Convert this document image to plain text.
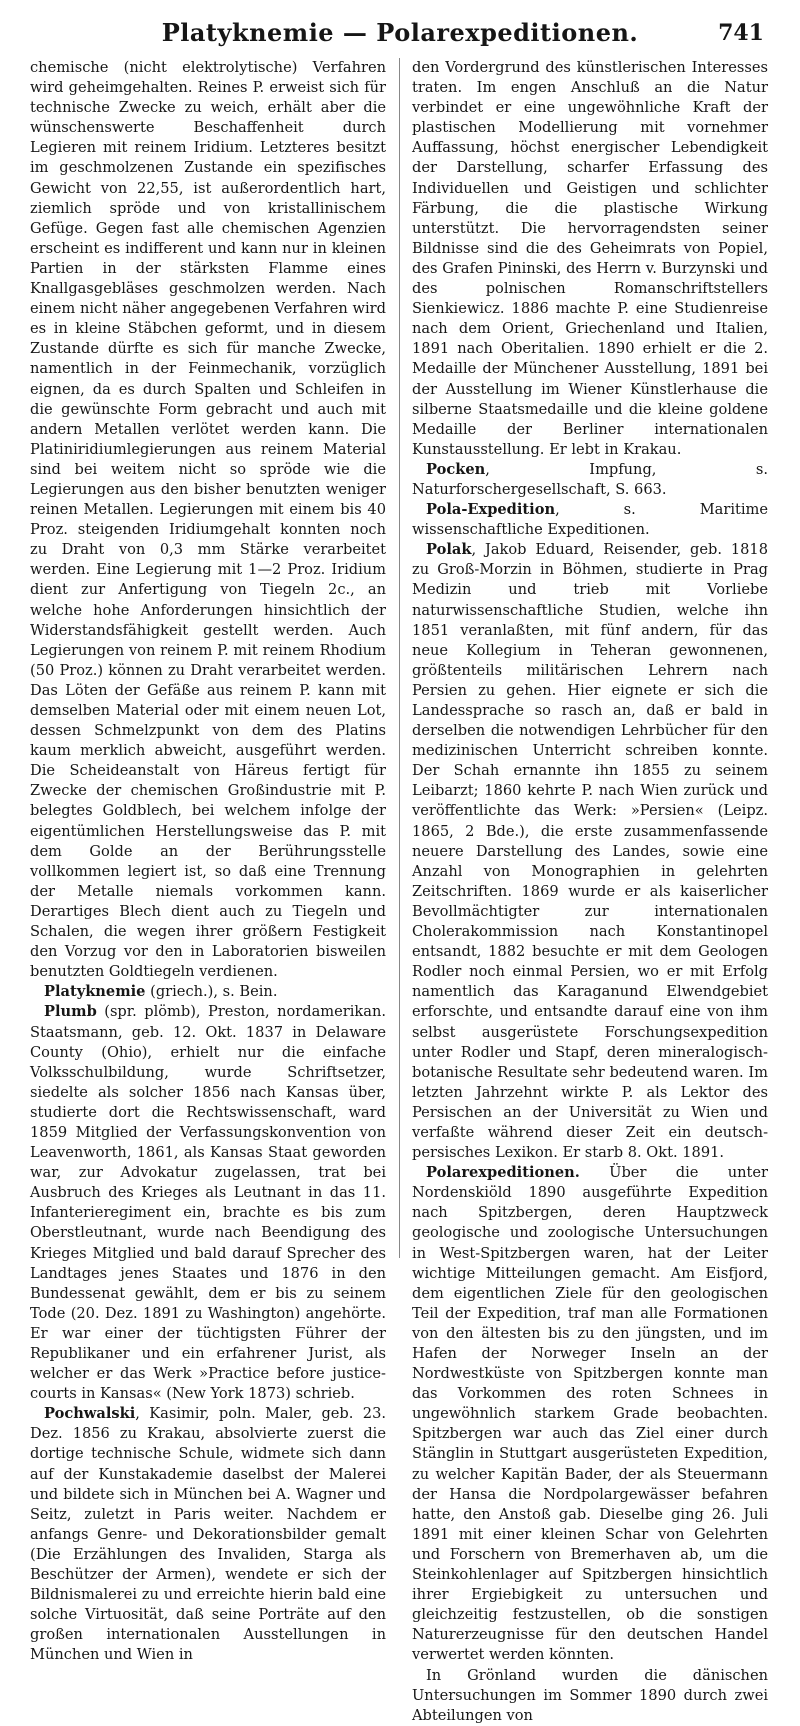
Platyknemie — Polarexpeditionen.	741

chemische (nicht elektrolytische) Verfahren wird geheimgehalten. Reines P. erweist sich für technische Zwecke zu weich, erhält aber die wünschenswerte Beschaffenheit durch Legieren mit reinem Iridium. Letzteres besitzt im geschmolzenen Zustande ein spezifisches Gewicht von 22,55, ist außerordentlich hart, ziemlich spröde und von kristallinischem Gefüge. Gegen fast alle chemischen Agenzien erscheint es indifferent und kann nur in kleinen Partien in der stärksten Flamme eines Knallgasgebläses geschmolzen werden. Nach einem nicht näher angegebenen Verfahren wird es in kleine Stäbchen geformt, und in diesem Zustande dürfte es sich für manche Zwecke, namentlich in der Feinmechanik, vorzüglich eignen, da es durch Spalten und Schleifen in die gewünschte Form gebracht und auch mit andern Metallen verlötet werden kann. Die Platiniridiumlegierungen aus reinem Material sind bei weitem nicht so spröde wie die Legierungen aus den bisher benutzten weniger reinen Metallen. Legierungen mit einem bis 40 Proz. steigenden Iridiumgehalt konnten noch zu Draht von 0,3 mm Stärke verarbeitet werden. Eine Legierung mit 1—2 Proz. Iridium dient zur Anfertigung von Tiegeln 2c., an welche hohe Anforderungen hinsichtlich der Widerstandsfähigkeit gestellt werden. Auch Legierungen von reinem P. mit reinem Rhodium (50 Proz.) können zu Draht verarbeitet werden. Das Löten der Gefäße aus reinem P. kann mit demselben Material oder mit einem neuen Lot, dessen Schmelzpunkt von dem des Platins kaum merklich abweicht, ausgeführt werden. Die Scheideanstalt von Häreus fertigt für Zwecke der chemischen Großindustrie mit P. belegtes Goldblech, bei welchem infolge der eigentümlichen Herstellungsweise das P. mit dem Golde an der Berührungsstelle vollkommen legiert ist, so daß eine Trennung der Metalle niemals vorkommen kann. Derartiges Blech dient auch zu Tiegeln und Schalen, die wegen ihrer größern Festigkeit den Vorzug vor den in Laboratorien bisweilen benutzten Goldtiegeln verdienen.

Platyknemie (griech.), s. Bein.

Plumb (spr. plömb), Preston, nordamerikan. Staatsmann, geb. 12. Okt. 1837 in Delaware County (Ohio), erhielt nur die einfache Volksschulbildung, wurde Schriftsetzer, siedelte als solcher 1856 nach Kansas über, studierte dort die Rechtswissenschaft, ward 1859 Mitglied der Verfassungskonvention von Leavenworth, 1861, als Kansas Staat geworden war, zur Advokatur zugelassen, trat bei Ausbruch des Krieges als Leutnant in das 11. Infanterieregiment ein, brachte es bis zum Oberstleutnant, wurde nach Beendigung des Krieges Mitglied und bald darauf Sprecher des Landtages jenes Staates und 1876 in den Bundessenat gewählt, dem er bis zu seinem Tode (20. Dez. 1891 zu Washington) angehörte. Er war einer der tüchtigsten Führer der Republikaner und ein erfahrener Jurist, als welcher er das Werk »Practice before justice-courts in Kansas« (New York 1873) schrieb.

Pochwalski, Kasimir, poln. Maler, geb. 23. Dez. 1856 zu Krakau, absolvierte zuerst die dortige technische Schule, widmete sich dann auf der Kunstakademie daselbst der Malerei und bildete sich in München bei A. Wagner und Seitz, zuletzt in Paris weiter. Nachdem er anfangs Genre- und Dekorationsbilder gemalt (Die Erzählungen des Invaliden, Starga als Beschützer der Armen), wendete er sich der Bildnismalerei zu und erreichte hierin bald eine solche Virtuosität, daß seine Porträte auf den großen internationalen Ausstellungen in München und Wien in

den Vordergrund des künstlerischen Interesses traten. Im engen Anschluß an die Natur verbindet er eine ungewöhnliche Kraft der plastischen Modellierung mit vornehmer Auffassung, höchst energischer Lebendigkeit der Darstellung, scharfer Erfassung des Individuellen und Geistigen und schlichter Färbung, die die plastische Wirkung unterstützt. Die hervorragendsten seiner Bildnisse sind die des Geheimrats von Popiel, des Grafen Pininski, des Herrn v. Burzynski und des polnischen Romanschriftstellers Sienkiewicz. 1886 machte P. eine Studienreise nach dem Orient, Griechenland und Italien, 1891 nach Oberitalien. 1890 erhielt er die 2. Medaille der Münchener Ausstellung, 1891 bei der Ausstellung im Wiener Künstlerhause die silberne Staatsmedaille und die kleine goldene Medaille der Berliner internationalen Kunstausstellung. Er lebt in Krakau.

Pocken, Impfung, s. Naturforschergesellschaft, S. 663.

Pola-Expedition, s. Maritime wissenschaftliche Expeditionen.

Polak, Jakob Eduard, Reisender, geb. 1818 zu Groß-Morzin in Böhmen, studierte in Prag Medizin und trieb mit Vorliebe naturwissenschaftliche Studien, welche ihn 1851 veranlaßten, mit fünf andern, für das neue Kollegium in Teheran gewonnenen, größtenteils militärischen Lehrern nach Persien zu gehen. Hier eignete er sich die Landessprache so rasch an, daß er bald in derselben die notwendigen Lehrbücher für den medizinischen Unterricht schreiben konnte. Der Schah ernannte ihn 1855 zu seinem Leibarzt; 1860 kehrte P. nach Wien zurück und veröffentlichte das Werk: »Persien« (Leipz. 1865, 2 Bde.), die erste zusammenfassende neuere Darstellung des Landes, sowie eine Anzahl von Monographien in gelehrten Zeitschriften. 1869 wurde er als kaiserlicher Bevollmächtigter zur internationalen Cholerakommission nach Konstantinopel entsandt, 1882 besuchte er mit dem Geologen Rodler noch einmal Persien, wo er mit Erfolg namentlich das Karaganund Elwendgebiet erforschte, und entsandte darauf eine von ihm selbst ausgerüstete Forschungsexpedition unter Rodler und Stapf, deren mineralogisch-botanische Resultate sehr bedeutend waren. Im letzten Jahrzehnt wirkte P. als Lektor des Persischen an der Universität zu Wien und verfaßte während dieser Zeit ein deutsch-persisches Lexikon. Er starb 8. Okt. 1891.

Polarexpeditionen. Über die unter Nordenskiöld 1890 ausgeführte Expedition nach Spitzbergen, deren Hauptzweck geologische und zoologische Untersuchungen in West-Spitzbergen waren, hat der Leiter wichtige Mitteilungen gemacht. Am Eisfjord, dem eigentlichen Ziele für den geologischen Teil der Expedition, traf man alle Formationen von den ältesten bis zu den jüngsten, und im Hafen der Norweger Inseln an der Nordwestküste von Spitzbergen konnte man das Vorkommen des roten Schnees in ungewöhnlich starkem Grade beobachten. Spitzbergen war auch das Ziel einer durch Stänglin in Stuttgart ausgerüsteten Expedition, zu welcher Kapitän Bader, der als Steuermann der Hansa die Nordpolargewässer befahren hatte, den Anstoß gab. Dieselbe ging 26. Juli 1891 mit einer kleinen Schar von Gelehrten und Forschern von Bremerhaven ab, um die Steinkohlenlager auf Spitzbergen hinsichtlich ihrer Ergiebigkeit zu untersuchen und gleichzeitig festzustellen, ob die sonstigen Naturerzeugnisse für den deutschen Handel verwertet werden könnten.

In Grönland wurden die dänischen Untersuchungen im Sommer 1890 durch zwei Abteilungen von
